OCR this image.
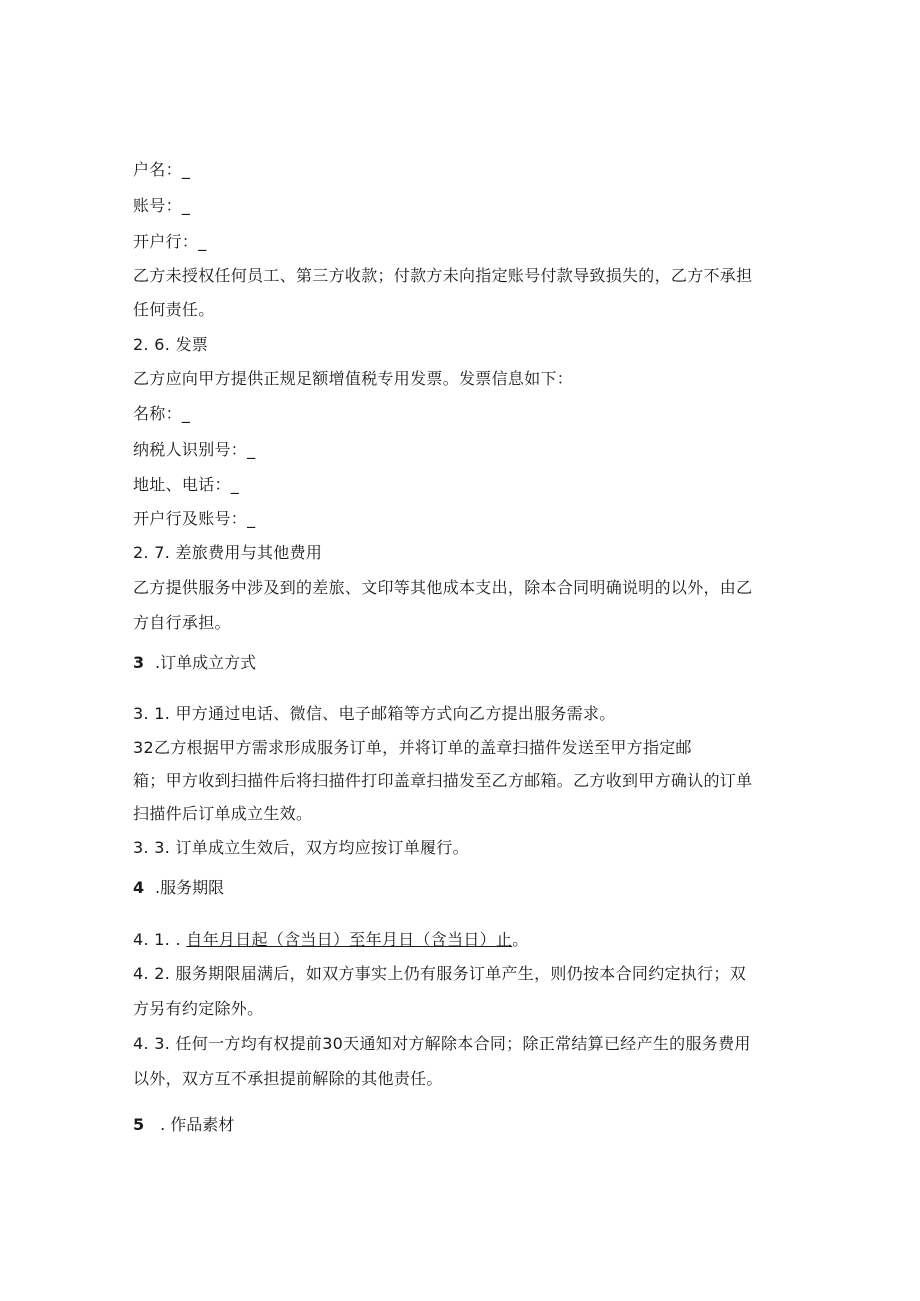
户名：_
账号：_
开户行：_
乙方未授权任何员工、第三方收款；付款方未向指定账号付款导致损失的，乙方不承担
任何责任。
2. 6. 发票
乙方应向甲方提供正规足额增值税专用发票。发票信息如下：
名称：_
纳税人识别号：_
地址、电话：_
开户行及账号：_
2. 7. 差旅费用与其他费用
乙方提供服务中涉及到的差旅、文印等其他成本支出，除本合同明确说明的以外，由乙
方自行承担。
3 .订单成立方式
3. 1. 甲方通过电话、微信、电子邮箱等方式向乙方提出服务需求。
32乙方根据甲方需求形成服务订单，并将订单的盖章扫描件发送至甲方指定邮
箱；甲方收到扫描件后将扫描件打印盖章扫描发至乙方邮箱。乙方收到甲方确认的订单
扫描件后订单成立生效。
3. 3. 订单成立生效后，双方均应按订单履行。
4 .服务期限
4. 1. . 自年月日起（含当日）至年月日（含当日）止。
4. 2. 服务期限届满后，如双方事实上仍有服务订单产生，则仍按本合同约定执行；双
方另有约定除外。
4. 3. 任何一方均有权提前30天通知对方解除本合同；除正常结算已经产生的服务费用
以外，双方互不承担提前解除的其他责任。
5 . 作品素材
